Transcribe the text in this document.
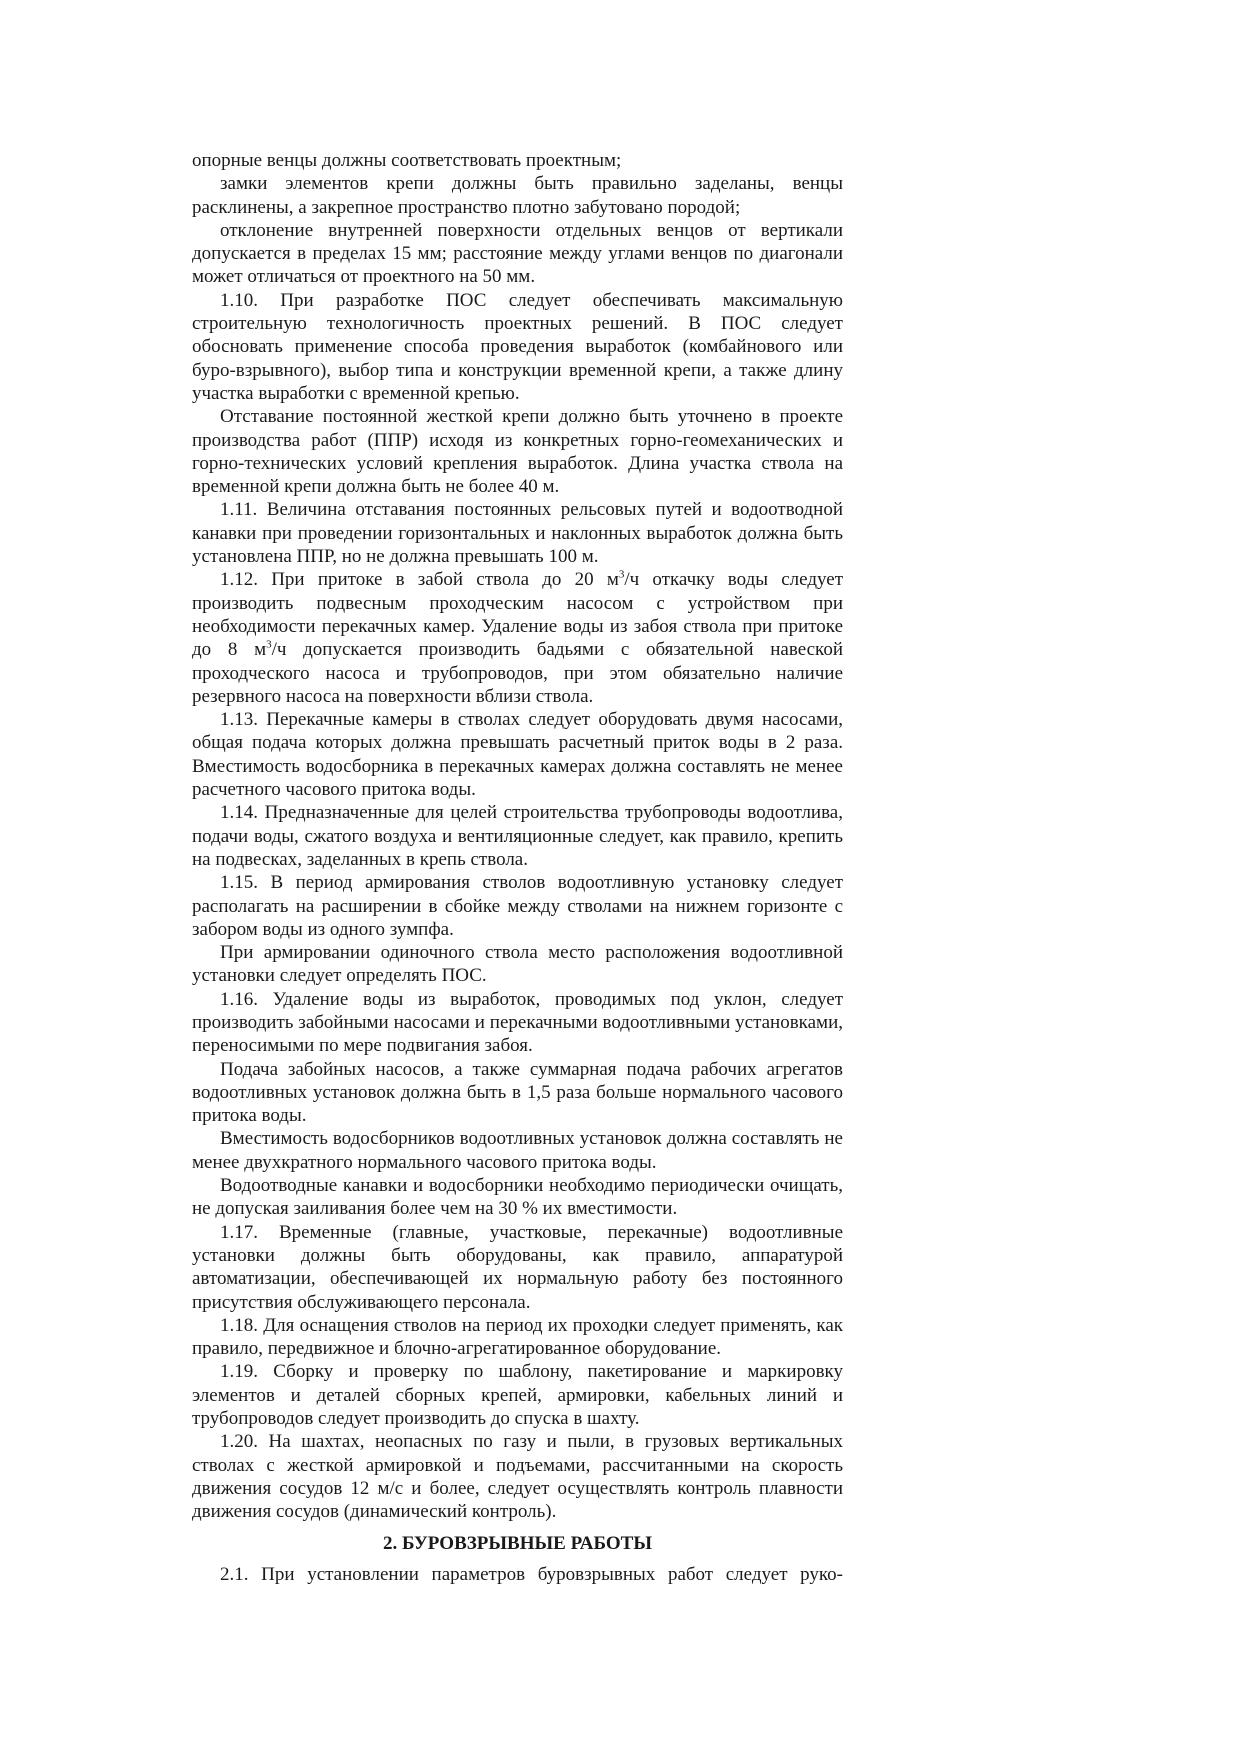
опорные венцы должны соответствовать проектным;

замки элементов крепи должны быть правильно заделаны, венцы расклинены, а закрепное пространство плотно забутовано породой;

отклонение внутренней поверхности отдельных венцов от вертикали допускается в пределах 15 мм; расстояние между углами венцов по диагонали может отличаться от проектного на 50 мм.

1.10. При разработке ПОС следует обеспечивать максимальную строительную технологичность проектных решений. В ПОС следует обосновать применение способа проведения выработок (комбайнового или буро-взрывного), выбор типа и конструкции временной крепи, а также длину участка выработки с временной крепью.

Отставание постоянной жесткой крепи должно быть уточнено в проекте производства работ (ППР) исходя из конкретных горно-геомеханических и горно-технических условий крепления выработок. Длина участка ствола на временной крепи должна быть не более 40 м.

1.11. Величина отставания постоянных рельсовых путей и водоотводной канавки при проведении горизонтальных и наклонных выработок должна быть установлена ППР, но не должна превышать 100 м.

1.12. При притоке в забой ствола до 20 $м^3/ч$ откачку воды следует производить подвесным проходческим насосом с устройством при необходимости перекачных камер. Удаление воды из забоя ствола при притоке до 8 $м^3/ч$ допускается производить бадьями с обязательной навеской проходческого насоса и трубопроводов, при этом обязательно наличие резервного насоса на поверхности вблизи ствола.

1.13. Перекачные камеры в стволах следует оборудовать двумя насосами, общая подача которых должна превышать расчетный приток воды в 2 раза. Вместимость водосборника в перекачных камерах должна составлять не менее расчетного часового притока воды.

1.14. Предназначенные для целей строительства трубопроводы водоотлива, подачи воды, сжатого воздуха и вентиляционные следует, как правило, крепить на подвесках, заделанных в крепь ствола.

1.15. В период армирования стволов водоотливную установку следует располагать на расширении в сбойке между стволами на нижнем горизонте с забором воды из одного зумпфа.

При армировании одиночного ствола место расположения водоотливной установки следует определять ПОС.

1.16. Удаление воды из выработок, проводимых под уклон, следует производить забойными насосами и перекачными водоотливными установками, переносимыми по мере подвигания забоя.

Подача забойных насосов, а также суммарная подача рабочих агрегатов водоотливных установок должна быть в 1,5 раза больше нормального часового притока воды.

Вместимость водосборников водоотливных установок должна составлять не менее двухкратного нормального часового притока воды.

Водоотводные канавки и водосборники необходимо периодически очищать, не допуская заиливания более чем на 30 % их вместимости.

1.17. Временные (главные, участковые, перекачные) водоотливные установки должны быть оборудованы, как правило, аппаратурой автоматизации, обеспечивающей их нормальную работу без постоянного присутствия обслуживающего персонала.

1.18. Для оснащения стволов на период их проходки следует применять, как правило, передвижное и блочно-агрегатированное оборудование.

1.19. Сборку и проверку по шаблону, пакетирование и маркировку элементов и деталей сборных крепей, армировки, кабельных линий и трубопроводов следует производить до спуска в шахту.

1.20. На шахтах, неопасных по газу и пыли, в грузовых вертикальных стволах с жесткой армировкой и подъемами, рассчитанными на скорость движения сосудов 12 м/с и более, следует осуществлять контроль плавности движения сосудов (динамический контроль).

2. БУРОВЗРЫВНЫЕ РАБОТЫ

2.1. При установлении параметров буровзрывных работ следует руко-
